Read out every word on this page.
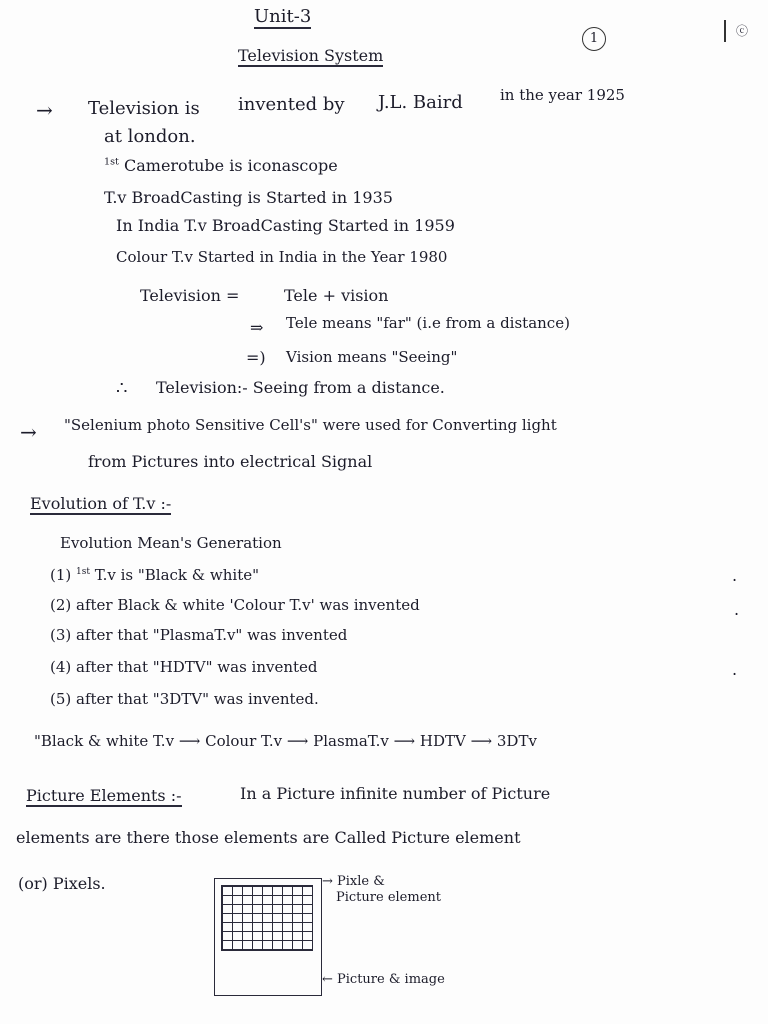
Unit-3
Television System
1	ⓒ
→ Television is invented by J.L. Baird in the year 1925
at london.
$^{1st}$ Camerotube is iconascope
T.v BroadCasting is Started in 1935
In India T.v BroadCasting Started in 1959
Colour T.v Started in India in the Year 1980
Television =	Tele + vision
⇒ Tele means "far" (i.e from a distance)
=) Vision means "Seeing"
∴ Television:- Seeing from a distance.
→ "Selenium photo Sensitive Cell's" were used for Converting light
from Pictures into electrical Signal
Evolution of T.v :-
Evolution Mean's Generation
(1) $^{1st}$ T.v is "Black & white"
(2) after Black & white 'Colour T.v' was invented
(3) after that "PlasmaT.v" was invented
(4) after that "HDTV" was invented
(5) after that "3DTV" was invented.
"Black & white T.v ⟶ Colour T.v ⟶ PlasmaT.v ⟶ HDTV ⟶ 3DTv
Picture Elements :-	In a Picture infinite number of Picture
elements are there those elements are Called Picture element
(or) Pixels.	→ Pixle &
Picture element
← Picture & image
.
.
.
